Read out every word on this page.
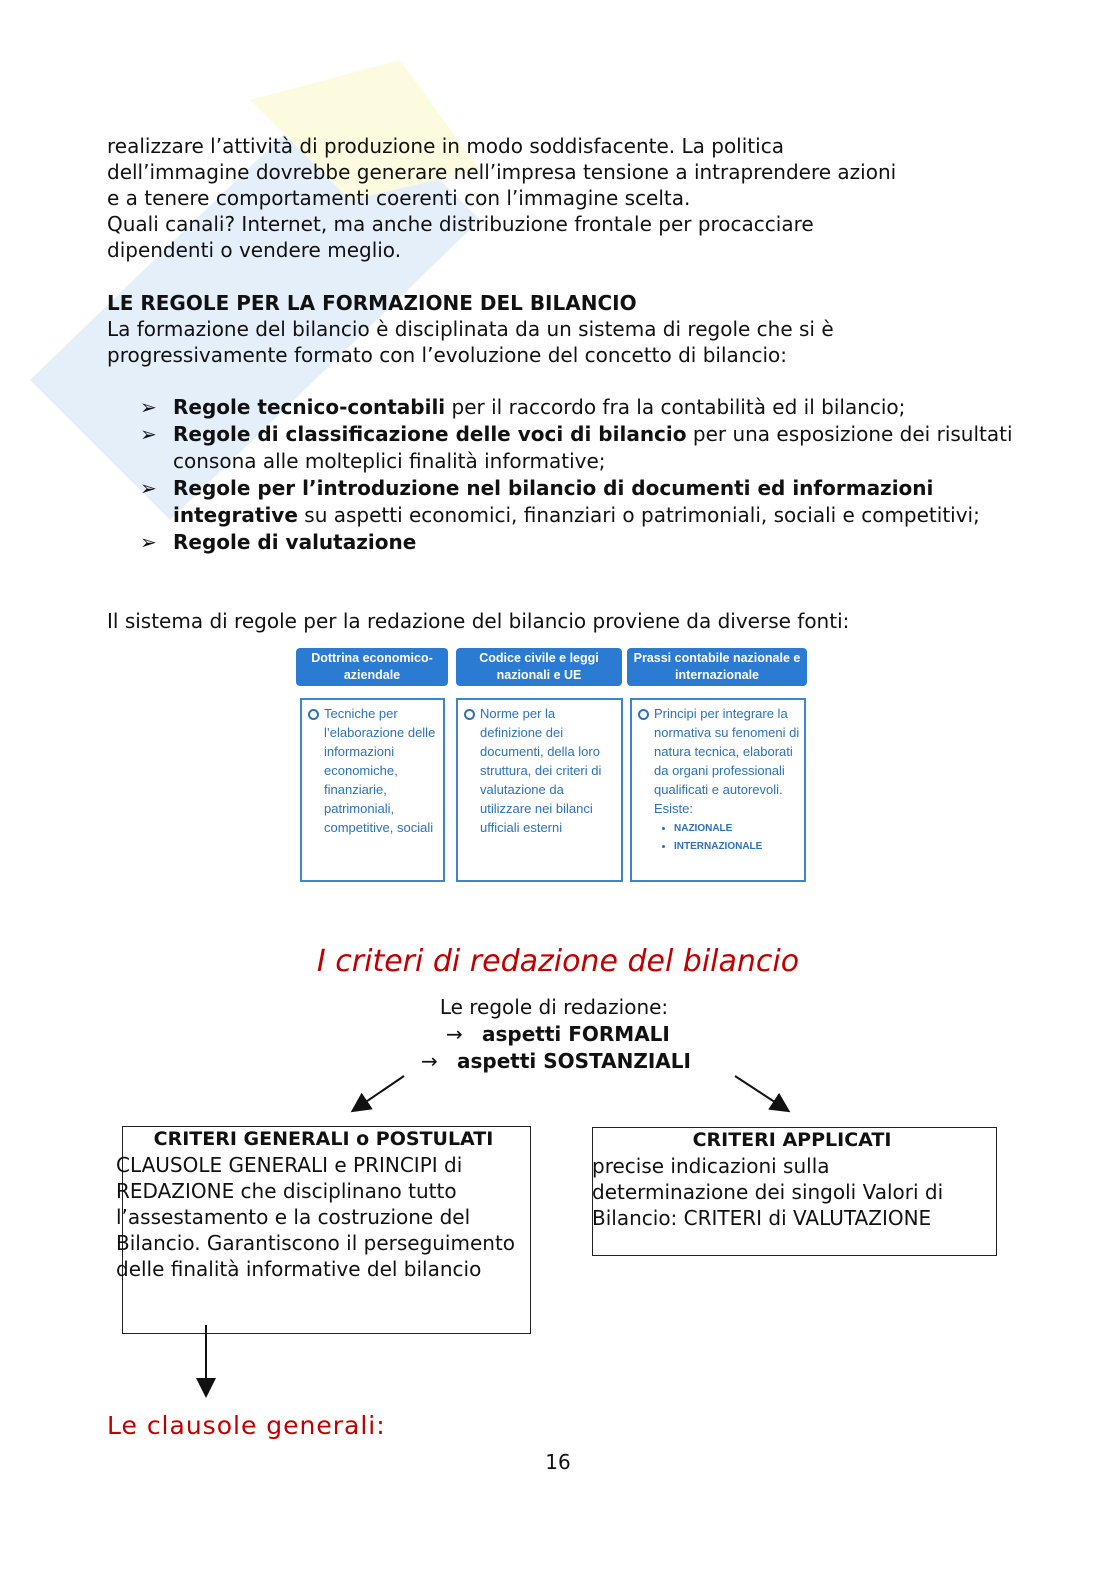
realizzare l’attività di produzione in modo soddisfacente. La politica
dell’immagine dovrebbe generare nell’impresa tensione a intraprendere azioni
e a tenere comportamenti coerenti con l’immagine scelta.
Quali canali? Internet, ma anche distribuzione frontale per procacciare
dipendenti o vendere meglio.
LE REGOLE PER LA FORMAZIONE DEL BILANCIO
La formazione del bilancio è disciplinata da un sistema di regole che si è
progressivamente formato con l’evoluzione del concetto di bilancio:
➢ Regole tecnico-contabili per il raccordo fra la contabilità ed il bilancio;
➢ Regole di classificazione delle voci di bilancio per una esposizione dei risultati consona alle molteplici finalità informative;
➢ Regole per l’introduzione nel bilancio di documenti ed informazioni integrative su aspetti economici, finanziari o patrimoniali, sociali e competitivi;
➢ Regole di valutazione
Il sistema di regole per la redazione del bilancio proviene da diverse fonti:
Dottrina economico-aziendale
Codice civile e leggi nazionali e UE
Prassi contabile nazionale e internazionale
Tecniche per l’elaborazione delle informazioni economiche, finanziarie, patrimoniali, competitive, sociali
Norme per la definizione dei documenti, della loro struttura, dei criteri di valutazione da utilizzare nei bilanci ufficiali esterni
Principi per integrare la normativa su fenomeni di natura tecnica, elaborati da organi professionali qualificati e autorevoli. Esiste:
• NAZIONALE
• INTERNAZIONALE
I criteri di redazione del bilancio
Le regole di redazione:
→ aspetti FORMALI
→ aspetti SOSTANZIALI
CRITERI GENERALI o POSTULATI
CLAUSOLE GENERALI e PRINCIPI di REDAZIONE che disciplinano tutto l’assestamento e la costruzione del Bilancio. Garantiscono il perseguimento delle finalità informative del bilancio
CRITERI APPLICATI
precise indicazioni sulla determinazione dei singoli Valori di Bilancio: CRITERI di VALUTAZIONE
Le clausole generali:
16
